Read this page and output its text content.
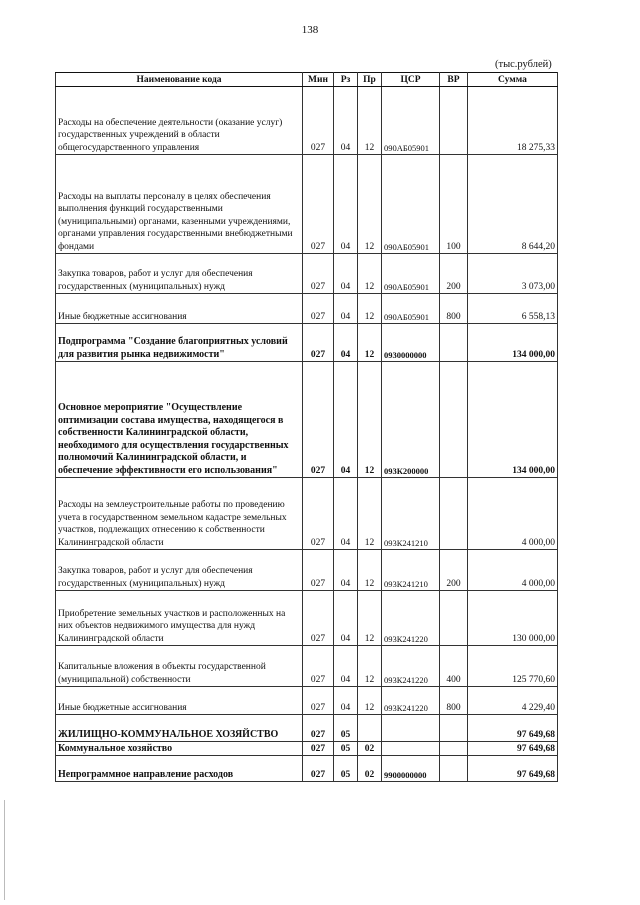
138
(тыс.рублей)
Наименование кода	Мин	Рз	Пр	ЦСР	ВР	Сумма
Расходы на обеспечение деятельности (оказание услуг) государственных учреждений в области общегосударственного управления	027	04	12	090АБ05901		18 275,33
Расходы на выплаты персоналу в целях обеспечения выполнения функций государственными (муниципальными) органами, казенными учреждениями, органами управления государственными внебюджетными фондами	027	04	12	090АБ05901	100	8 644,20
Закупка товаров, работ и услуг для обеспечения государственных (муниципальных) нужд	027	04	12	090АБ05901	200	3 073,00
Иные бюджетные ассигнования	027	04	12	090АБ05901	800	6 558,13
Подпрограмма "Создание благоприятных условий для развития рынка недвижимости"	027	04	12	0930000000		134 000,00
Основное мероприятие "Осуществление оптимизации состава имущества, находящегося в собственности Калининградской области, необходимого для осуществления государственных полномочий Калининградской области, и обеспечение эффективности его использования"	027	04	12	093К200000		134 000,00
Расходы на землеустроительные работы по проведению учета в государственном земельном кадастре земельных участков, подлежащих отнесению к собственности Калининградской области	027	04	12	093К241210		4 000,00
Закупка товаров, работ и услуг для обеспечения государственных (муниципальных) нужд	027	04	12	093К241210	200	4 000,00
Приобретение земельных участков и расположенных на них объектов недвижимого имущества для нужд Калининградской области	027	04	12	093К241220		130 000,00
Капитальные вложения в объекты государственной (муниципальной) собственности	027	04	12	093К241220	400	125 770,60
Иные бюджетные ассигнования	027	04	12	093К241220	800	4 229,40
ЖИЛИЩНО-КОММУНАЛЬНОЕ ХОЗЯЙСТВО	027	05				97 649,68
Коммунальное хозяйство	027	05	02			97 649,68
Непрограммное направление расходов	027	05	02	9900000000		97 649,68
